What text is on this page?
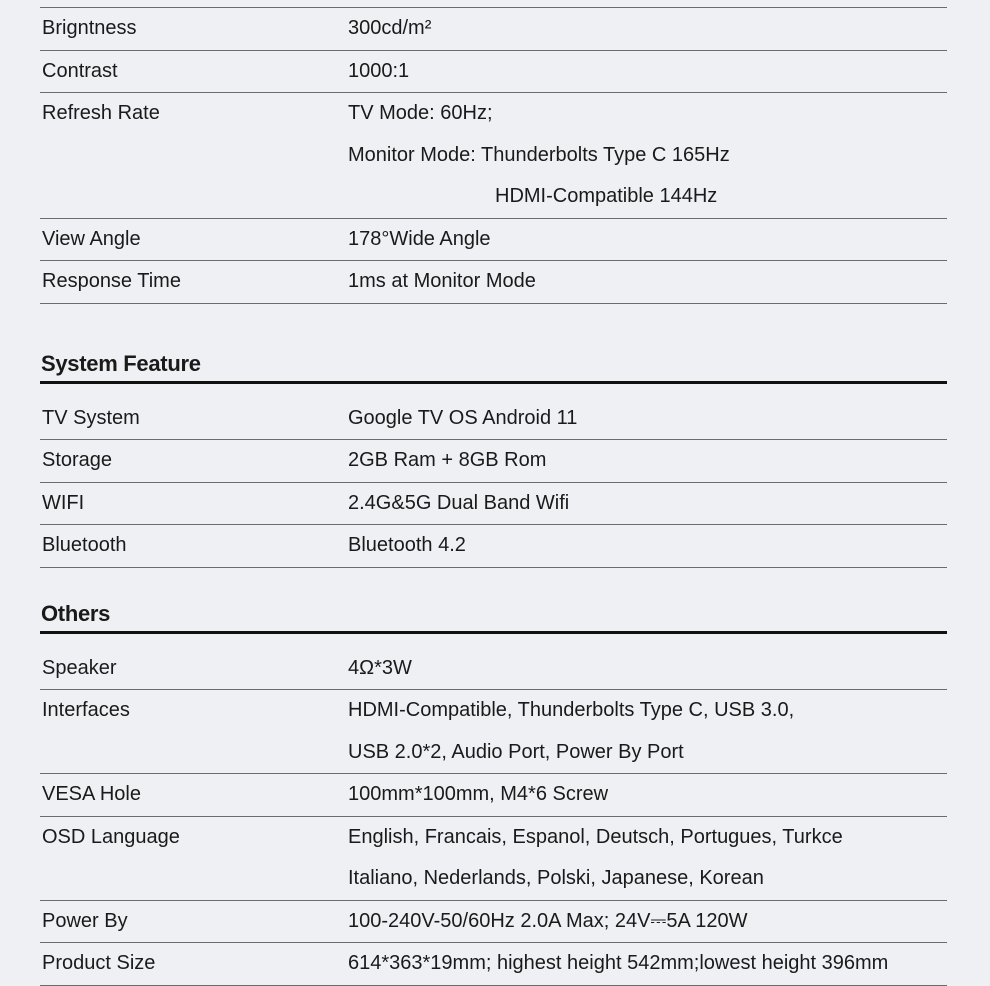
Brigntness	300cd/m²
Contrast	1000:1
Refresh Rate	TV Mode: 60Hz;
Monitor Mode: Thunderbolts Type C 165Hz
HDMI-Compatible 144Hz
View Angle	178°Wide Angle
Response Time	1ms at Monitor Mode
System Feature
TV System	Google TV OS Android 11
Storage	2GB Ram + 8GB Rom
WIFI	2.4G&5G Dual Band Wifi
Bluetooth	Bluetooth 4.2
Others
Speaker	4Ω*3W
Interfaces	HDMI-Compatible, Thunderbolts Type C, USB 3.0,
USB 2.0*2, Audio Port, Power By Port
VESA Hole	100mm*100mm, M4*6 Screw
OSD Language	English, Francais, Espanol, Deutsch, Portugues, Turkce
Italiano, Nederlands, Polski, Japanese, Korean
Power By	100-240V-50/60Hz 2.0A Max; 24V⎓5A 120W
Product Size	614*363*19mm; highest height 542mm;lowest height 396mm
